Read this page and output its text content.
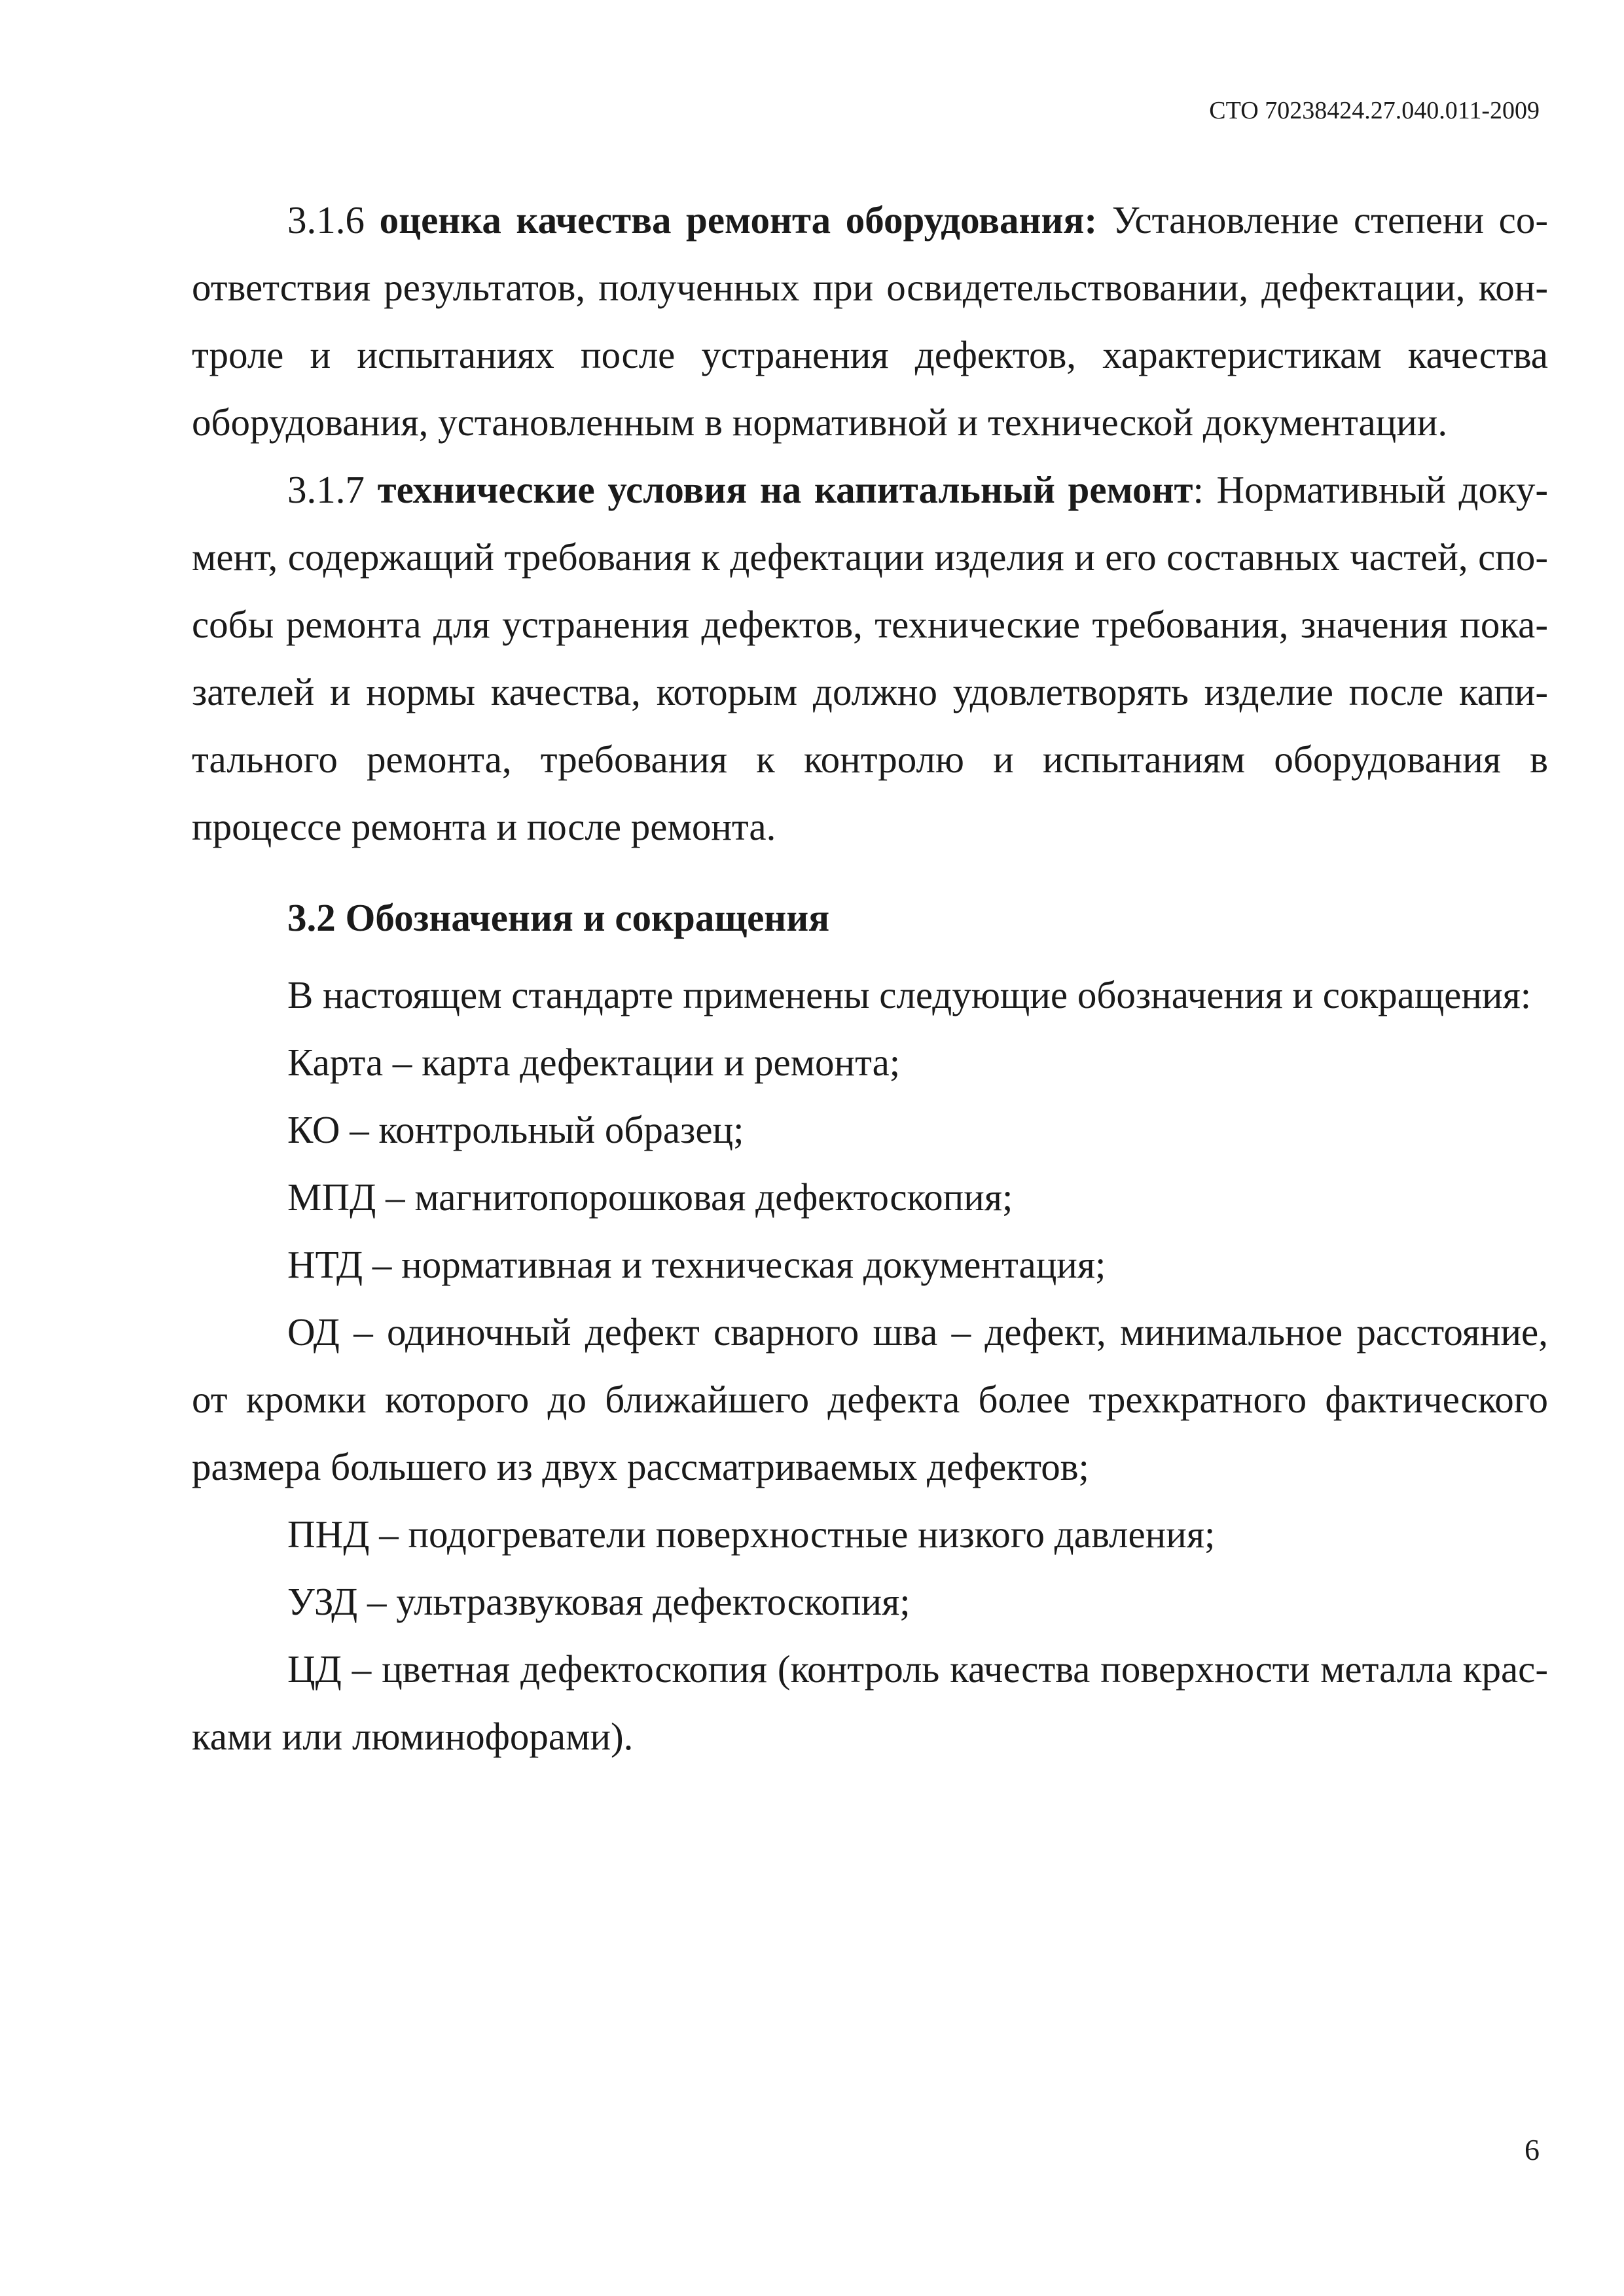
СТО 70238424.27.040.011-2009

3.1.6 оценка качества ремонта оборудования: Установление степени соответствия результатов, полученных при освидетельствовании, дефектации, контроле и испытаниях после устранения дефектов, характеристикам качества оборудования, установленным в нормативной и технической документации.

3.1.7 технические условия на капитальный ремонт: Нормативный документ, содержащий требования к дефектации изделия и его составных частей, способы ремонта для устранения дефектов, технические требования, значения показателей и нормы качества, которым должно удовлетворять изделие после капитального ремонта, требования к контролю и испытаниям оборудования в процессе ремонта и после ремонта.

3.2 Обозначения и сокращения

В настоящем стандарте применены следующие обозначения и сокращения:

Карта – карта дефектации и ремонта;
КО – контрольный образец;
МПД – магнитопорошковая дефектоскопия;
НТД – нормативная и техническая документация;
ОД – одиночный дефект сварного шва – дефект, минимальное расстояние, от кромки которого до ближайшего дефекта более трехкратного фактического размера большего из двух рассматриваемых дефектов;
ПНД – подогреватели поверхностные низкого давления;
УЗД – ультразвуковая дефектоскопия;
ЦД – цветная дефектоскопия (контроль качества поверхности металла красками или люминофорами).
6
